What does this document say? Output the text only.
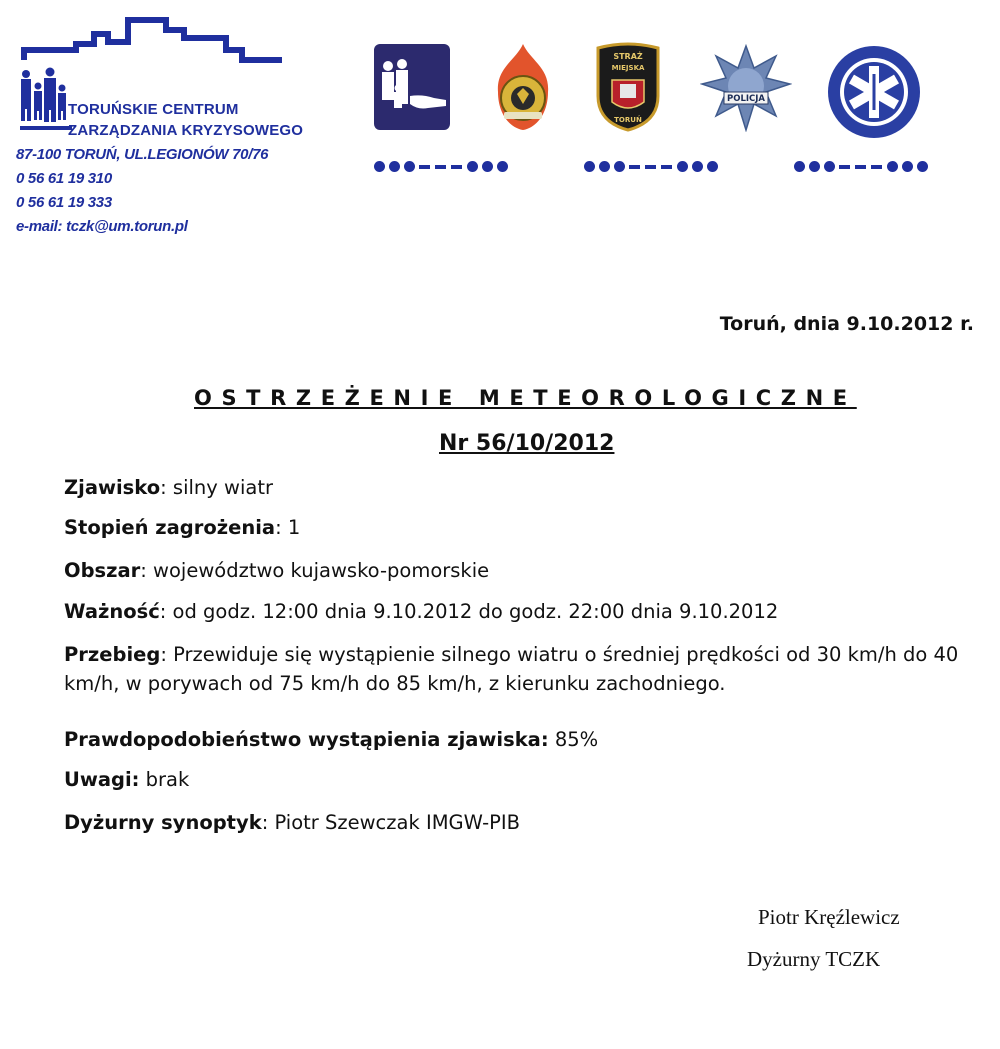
TORUŃSKIE CENTRUM
ZARZĄDZANIA KRYZYSOWEGO
87-100 TORUŃ, UL.LEGIONÓW 70/76
0 56 61 19 310
0 56 61 19 333
e-mail: tczk@um.torun.pl
STRAŻ
MIEJSKA
TORUŃ
POLICJA
Toruń, dnia 9.10.2012 r.
OSTRZEŻENIE METEOROLOGICZNE
Nr 56/10/2012
Zjawisko: silny wiatr
Stopień zagrożenia: 1
Obszar: województwo kujawsko-pomorskie
Ważność: od godz. 12:00 dnia 9.10.2012 do godz. 22:00 dnia 9.10.2012
Przebieg: Przewiduje się wystąpienie silnego wiatru o średniej prędkości od 30 km/h do 40 km/h, w porywach od 75 km/h do 85 km/h, z kierunku zachodniego.
Prawdopodobieństwo wystąpienia zjawiska: 85%
Uwagi: brak
Dyżurny synoptyk: Piotr Szewczak IMGW-PIB
Piotr Kręźlewicz
Dyżurny TCZK
